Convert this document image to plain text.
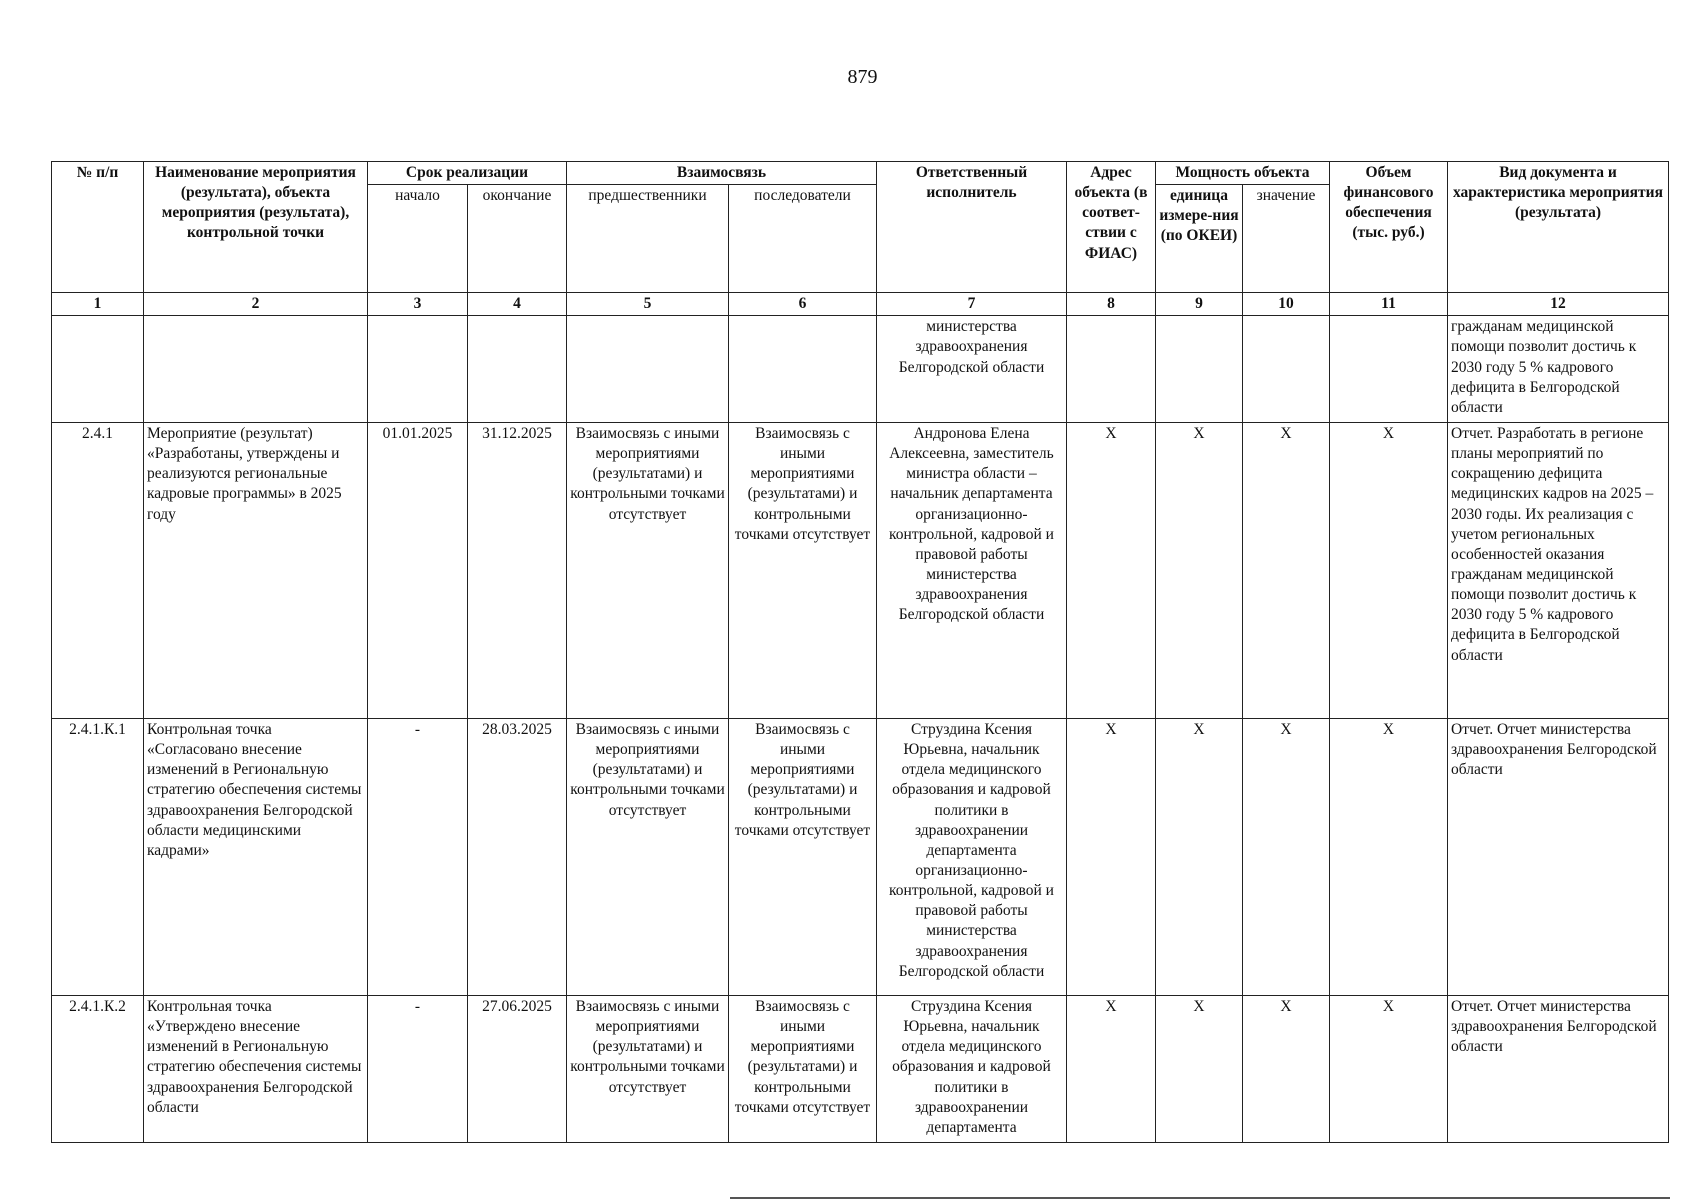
879
№ п/п	Наименование мероприятия (результата), объекта мероприятия (результата), контрольной точки	Срок реализации		Взаимосвязь		Ответственный исполнитель	Адрес объекта (в соответ-ствии с ФИАС)	Мощность объекта		Объем финансового обеспечения (тыс. руб.)	Вид документа и характеристика мероприятия (результата)
		начало	окончание	предшественники	последователи			единица измере-ния (по ОКЕИ)	значение		
1	2	3	4	5	6	7	8	9	10	11	12
						министерства здравоохранения Белгородской области					гражданам медицинской помощи позволит достичь к 2030 году 5 % кадрового дефицита в Белгородской области
2.4.1	Мероприятие (результат) «Разработаны, утверждены и реализуются региональные кадровые программы» в 2025 году	01.01.2025	31.12.2025	Взаимосвязь с иными мероприятиями (результатами) и контрольными точками отсутствует	Взаимосвязь с иными мероприятиями (результатами) и контрольными точками отсутствует	Андронова Елена Алексеевна, заместитель министра области – начальник департамента организационно-контрольной, кадровой и правовой работы министерства здравоохранения Белгородской области	X	X	X	X	Отчет. Разработать в регионе планы мероприятий по сокращению дефицита медицинских кадров на 2025 – 2030 годы. Их реализация с учетом региональных особенностей оказания гражданам медицинской помощи позволит достичь к 2030 году 5 % кадрового дефицита в Белгородской области
2.4.1.К.1	Контрольная точка «Согласовано внесение изменений в Региональную стратегию обеспечения системы здравоохранения Белгородской области медицинскими кадрами»	-	28.03.2025	Взаимосвязь с иными мероприятиями (результатами) и контрольными точками отсутствует	Взаимосвязь с иными мероприятиями (результатами) и контрольными точками отсутствует	Струздина Ксения Юрьевна, начальник отдела медицинского образования и кадровой политики в здравоохранении департамента организационно-контрольной, кадровой и правовой работы министерства здравоохранения Белгородской области	X	X	X	X	Отчет. Отчет министерства здравоохранения Белгородской области
2.4.1.К.2	Контрольная точка «Утверждено внесение изменений в Региональную стратегию обеспечения системы здравоохранения Белгородской области	-	27.06.2025	Взаимосвязь с иными мероприятиями (результатами) и контрольными точками отсутствует	Взаимосвязь с иными мероприятиями (результатами) и контрольными точками отсутствует	Струздина Ксения Юрьевна, начальник отдела медицинского образования и кадровой политики в здравоохранении департамента	X	X	X	X	Отчет. Отчет министерства здравоохранения Белгородской области
